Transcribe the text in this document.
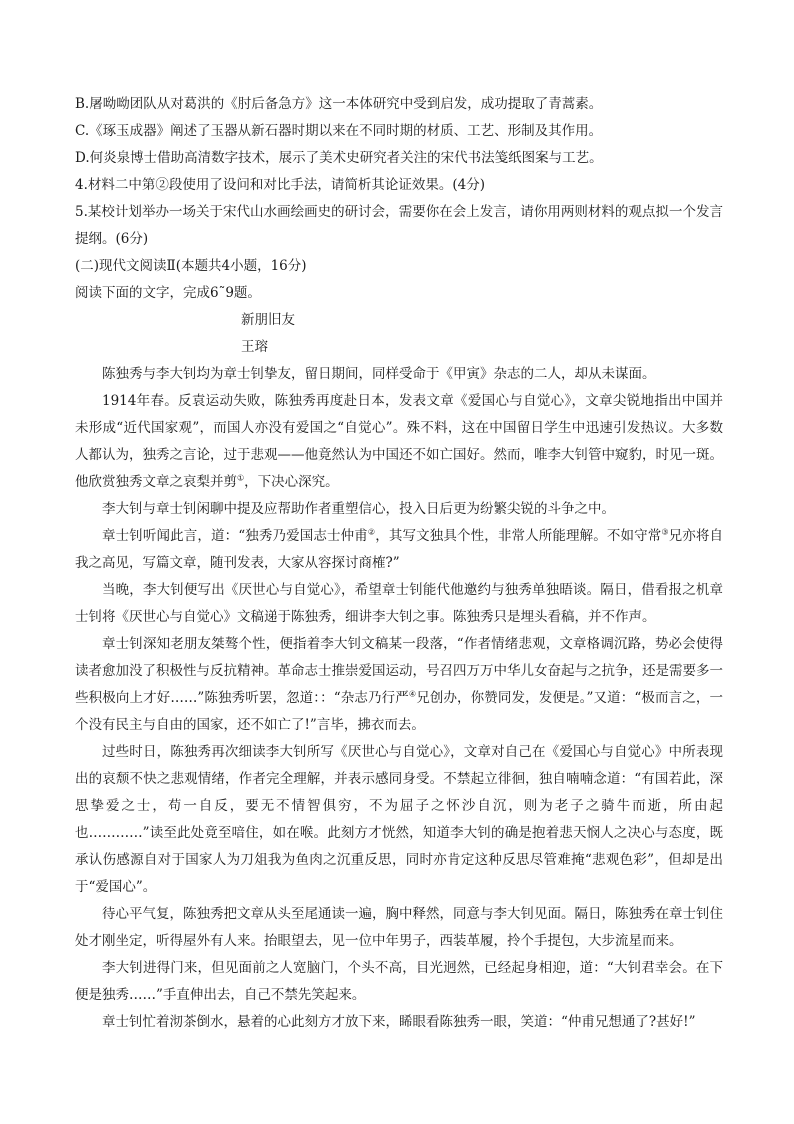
B.屠呦呦团队从对葛洪的《肘后备急方》这一本体研究中受到启发，成功提取了青蒿素。
C.《琢玉成器》阐述了玉器从新石器时期以来在不同时期的材质、工艺、形制及其作用。
D.何炎泉博士借助高清数字技术，展示了美术史研究者关注的宋代书法笺纸图案与工艺。
4.材料二中第②段使用了设问和对比手法，请简析其论证效果。(4分)
5.某校计划举办一场关于宋代山水画绘画史的研讨会，需要你在会上发言，请你用两则材料的观点拟一个发言提纲。(6分)
(二)现代文阅读Ⅱ(本题共4小题，16分)
阅读下面的文字，完成6˜9题。
新朋旧友
王瑢
陈独秀与李大钊均为章士钊挚友，留日期间，同样受命于《甲寅》杂志的二人，却从未谋面。
1914年春。反袁运动失败，陈独秀再度赴日本，发表文章《爱国心与自觉心》，文章尖锐地指出中国并未形成“近代国家观”，而国人亦没有爱国之“自觉心”。殊不料，这在中国留日学生中迅速引发热议。大多数人都认为，独秀之言论，过于悲观——他竟然认为中国还不如亡国好。然而，唯李大钊管中窥豹，时见一斑。他欣赏独秀文章之哀梨并剪①，下决心深究。
李大钊与章士钊闲聊中提及应帮助作者重塑信心，投入日后更为纷繁尖锐的斗争之中。
章士钊听闻此言，道：“独秀乃爱国志士仲甫②，其写文独具个性，非常人所能理解。不如守常③兄亦将自我之高见，写篇文章，随刊发表，大家从容探讨商榷?”
当晚，李大钊便写出《厌世心与自觉心》，希望章士钊能代他邀约与独秀单独晤谈。隔日，借看报之机章士钊将《厌世心与自觉心》文稿递于陈独秀，细讲李大钊之事。陈独秀只是埋头看稿，并不作声。
章士钊深知老朋友桀骜个性，便指着李大钊文稿某一段落，“作者情绪悲观，文章格调沉路，势必会使得读者愈加没了积极性与反抗精神。革命志士推崇爱国运动，号召四万万中华儿女奋起与之抗争，还是需要多一些积极向上才好……”陈独秀听罢，忽道：：“杂志乃行严④兄创办，你赞同发，发便是。”又道：“极而言之，一个没有民主与自由的国家，还不如亡了!”言毕，拂衣而去。
过些时日，陈独秀再次细读李大钊所写《厌世心与自觉心》，文章对自己在《爱国心与自觉心》中所表现出的哀颓不快之悲观情绪，作者完全理解，并表示感同身受。不禁起立徘徊，独自喃喃念道：“有国若此，深思挚爱之士，苟一自反，要无不情智俱穷，不为屈子之怀沙自沉，则为老子之骑牛而逝，所由起也…………”读至此处竟至喑住，如在喉。此刻方才恍然，知道李大钊的确是抱着悲天悯人之决心与态度，既承认伤感源自对于国家人为刀俎我为鱼肉之沉重反思，同时亦肯定这种反思尽管难掩“悲观色彩”，但却是出于“爱国心”。
待心平气复，陈独秀把文章从头至尾通读一遍，胸中释然，同意与李大钊见面。隔日，陈独秀在章士钊住处才刚坐定，听得屋外有人来。抬眼望去，见一位中年男子，西装革履，拎个手提包，大步流星而来。
李大钊进得门来，但见面前之人宽脑门，个头不高，目光迥然，已经起身相迎，道：“大钊君幸会。在下便是独秀……”手直伸出去，自己不禁先笑起来。
章士钊忙着沏茶倒水，悬着的心此刻方才放下来，睎眼看陈独秀一眼，笑道：“仲甫兄想通了?甚好!”
